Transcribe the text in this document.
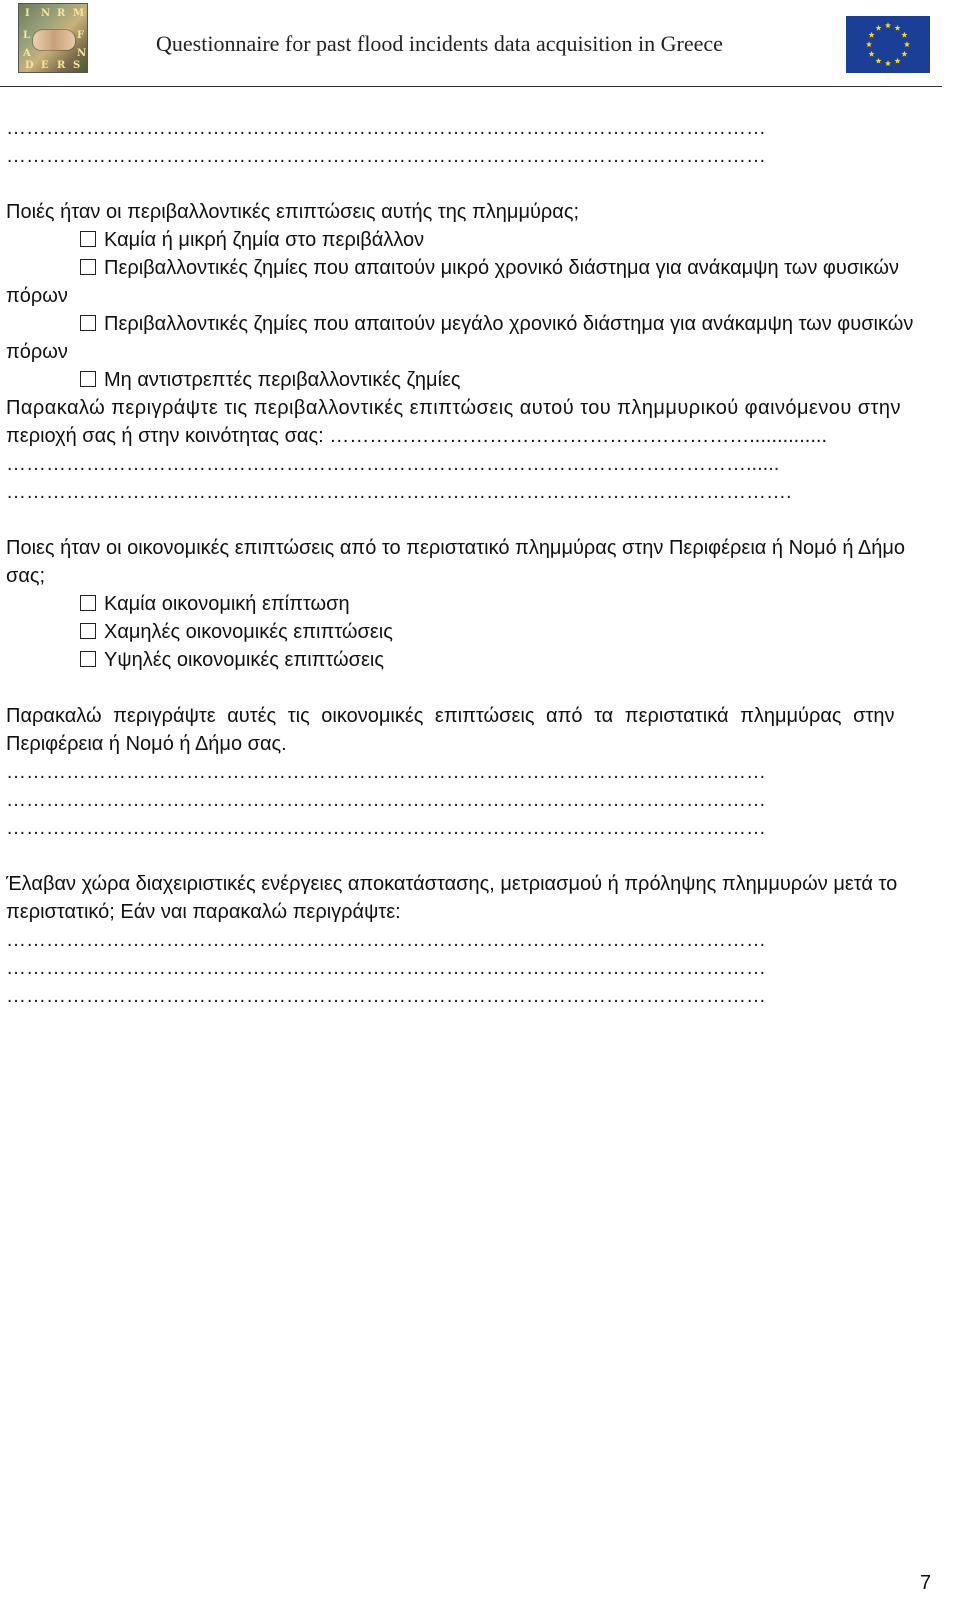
I N R M
L	F
A	N
D E R S
Questionnaire for past flood incidents data acquisition in Greece
……………………………………………………………………………………………………
……………………………………………………………………………………………………
Ποιές ήταν οι περιβαλλοντικές επιπτώσεις αυτής της πλημμύρας;
Καμία ή μικρή ζημία στο περιβάλλον
Περιβαλλοντικές ζημίες που απαιτούν μικρό χρονικό διάστημα για ανάκαμψη των φυσικών
πόρων
Περιβαλλοντικές ζημίες που απαιτούν μεγάλο χρονικό διάστημα για ανάκαμψη των φυσικών
πόρων
Μη αντιστρεπτές περιβαλλοντικές ζημίες
Παρακαλώ περιγράψτε τις περιβαλλοντικές επιπτώσεις αυτού του πλημμυρικού φαινόμενου στην
περιοχή σας ή στην κοινότητας σας: ………………………………………………………..............
…………………………………………………………………………………………………......
……………………………………………………………………………………………………….
Ποιες ήταν οι οικονομικές επιπτώσεις από το περιστατικό πλημμύρας στην Περιφέρεια ή Νομό ή Δήμο
σας;
Καμία οικονομική επίπτωση
Χαμηλές οικονομικές επιπτώσεις
Υψηλές οικονομικές επιπτώσεις
Παρακαλώ περιγράψτε αυτές τις οικονομικές επιπτώσεις από τα περιστατικά πλημμύρας στην
Περιφέρεια ή Νομό ή Δήμο σας.
……………………………………………………………………………………………………
……………………………………………………………………………………………………
……………………………………………………………………………………………………
Έλαβαν χώρα διαχειριστικές ενέργειες αποκατάστασης, μετριασμού ή πρόληψης πλημμυρών μετά το
περιστατικό; Εάν ναι παρακαλώ περιγράψτε:
……………………………………………………………………………………………………
……………………………………………………………………………………………………
……………………………………………………………………………………………………
7
